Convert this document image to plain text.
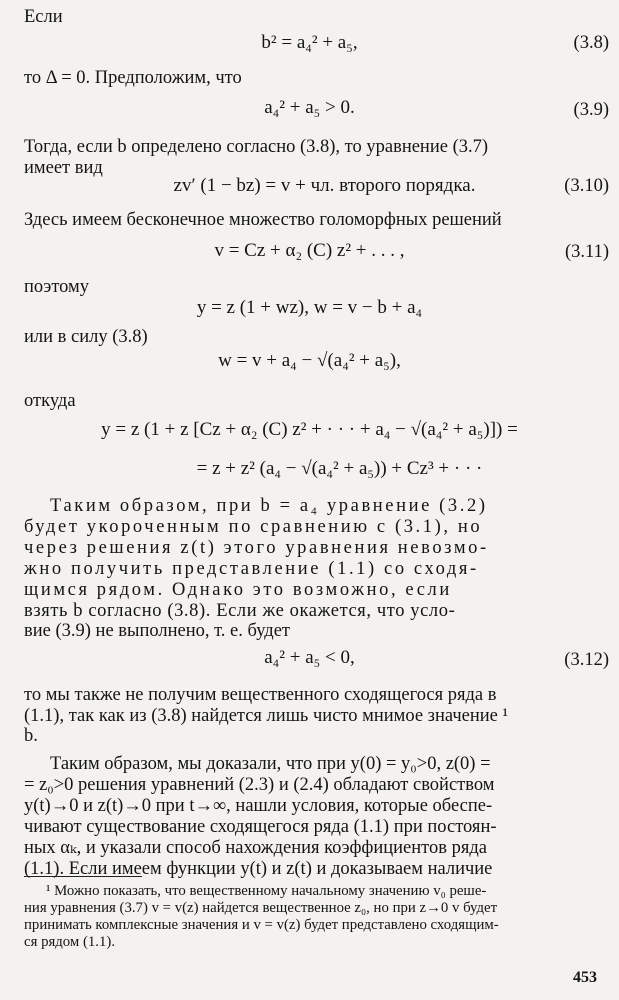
Если
b² = a₄² + a₅,	(3.8)
то Δ = 0. Предположим, что
a₄² + a₅ > 0.	(3.9)
Тогда, если b определено согласно (3.8), то уравнение (3.7)
имеет вид
zv′ (1 − bz) = v + чл. второго порядка.	(3.10)
Здесь имеем бесконечное множество голоморфных решений
v = Cz + α₂ (C) z² + . . . ,	(3.11)
поэтому
y = z (1 + wz), w = v − b + a₄
или в силу (3.8)
w = v + a₄ − √(a₄² + a₅),
откуда
y = z (1 + z [Cz + α₂ (C) z² + · · · + a₄ − √(a₄² + a₅)]) =
= z + z² (a₄ − √(a₄² + a₅)) + Cz³ + · · ·
Таким образом, при b = a₄ уравнение (3.2)
будет укороченным по сравнению с (3.1), но
через решения z(t) этого уравнения невозмо-
жно получить представление (1.1) со сходя-
щимся рядом. Однако это возможно, если
взять b согласно (3.8). Если же окажется, что усло-
вие (3.9) не выполнено, т. е. будет
a₄² + a₅ < 0,	(3.12)
то мы также не получим вещественного сходящегося ряда в
(1.1), так как из (3.8) найдется лишь чисто мнимое значение ¹
b.
Таким образом, мы доказали, что при y(0) = y₀>0, z(0) =
= z₀>0 решения уравнений (2.3) и (2.4) обладают свойством
y(t)→0 и z(t)→0 при t→∞, нашли условия, которые обеспе-
чивают существование сходящегося ряда (1.1) при постоян-
ных αₖ, и указали способ нахождения коэффициентов ряда
(1.1). Если имеем функции y(t) и z(t) и доказываем наличие
¹ Можно показать, что вещественному начальному значению v₀ реше-
ния уравнения (3.7) v = v(z) найдется вещественное z₀, но при z→0 v будет
принимать комплексные значения и v = v(z) будет представлено сходящим-
ся рядом (1.1).
453
